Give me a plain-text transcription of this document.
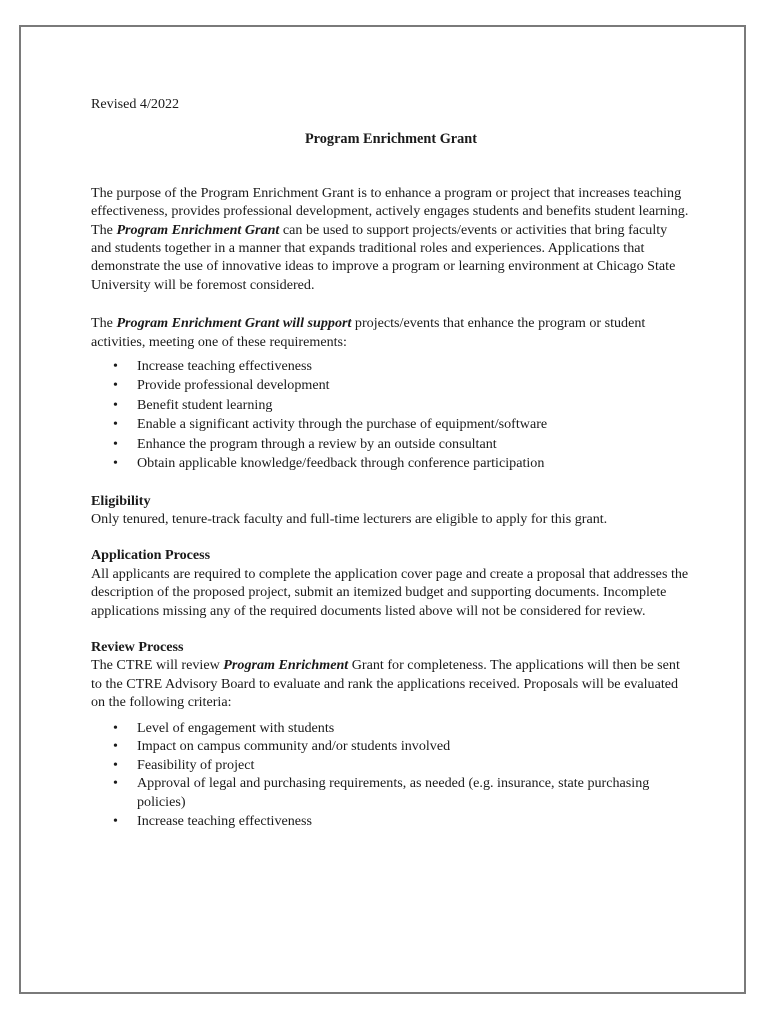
Revised 4/2022

Program Enrichment Grant

The purpose of the Program Enrichment Grant is to enhance a program or project that increases teaching effectiveness, provides professional development, actively engages students and benefits student learning. The Program Enrichment Grant can be used to support projects/events or activities that bring faculty and students together in a manner that expands traditional roles and experiences. Applications that demonstrate the use of innovative ideas to improve a program or learning environment at Chicago State University will be foremost considered.

The Program Enrichment Grant will support projects/events that enhance the program or student activities, meeting one of these requirements:

• Increase teaching effectiveness
• Provide professional development
• Benefit student learning
• Enable a significant activity through the purchase of equipment/software
• Enhance the program through a review by an outside consultant
• Obtain applicable knowledge/feedback through conference participation

Eligibility

Only tenured, tenure-track faculty and full-time lecturers are eligible to apply for this grant.

Application Process

All applicants are required to complete the application cover page and create a proposal that addresses the description of the proposed project, submit an itemized budget and supporting documents. Incomplete applications missing any of the required documents listed above will not be considered for review.

Review Process

The CTRE will review Program Enrichment Grant for completeness. The applications will then be sent to the CTRE Advisory Board to evaluate and rank the applications received. Proposals will be evaluated on the following criteria:

• Level of engagement with students
• Impact on campus community and/or students involved
• Feasibility of project
• Approval of legal and purchasing requirements, as needed (e.g. insurance, state purchasing policies)
• Increase teaching effectiveness
